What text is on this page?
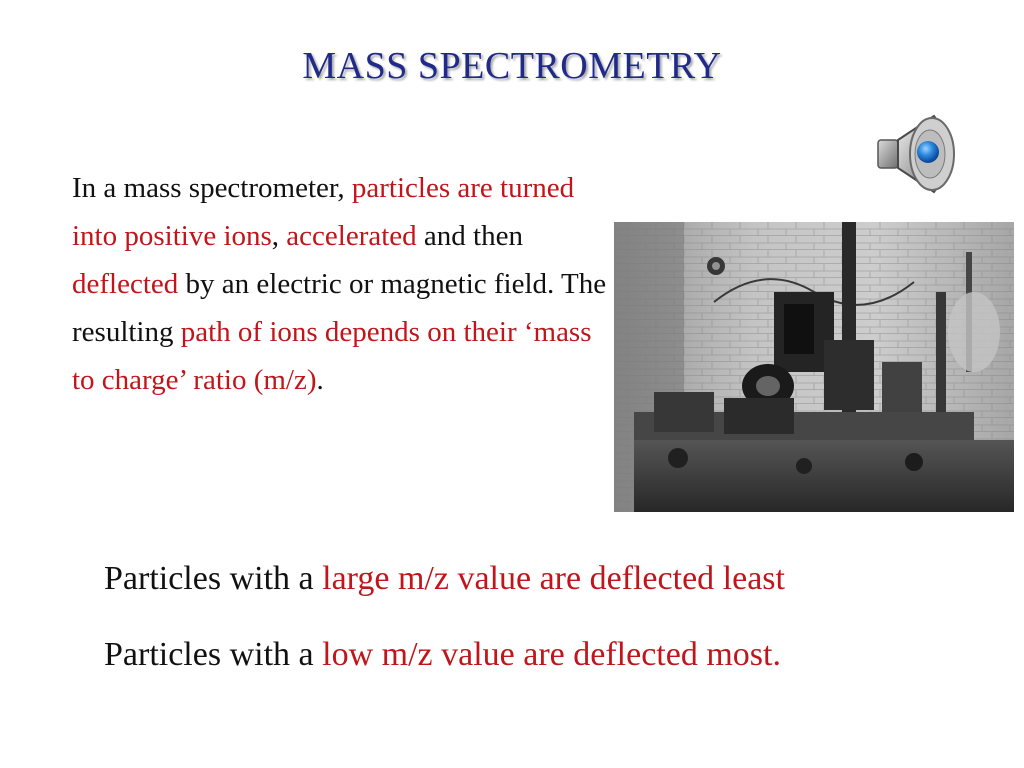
MASS SPECTROMETRY
In a mass spectrometer, particles are turned into positive ions, accelerated and then deflected by an electric or magnetic field. The resulting path of ions depends on their ‘mass to charge’ ratio (m/z).
Particles with a large m/z value are deflected least
Particles with a low m/z value are deflected most.
